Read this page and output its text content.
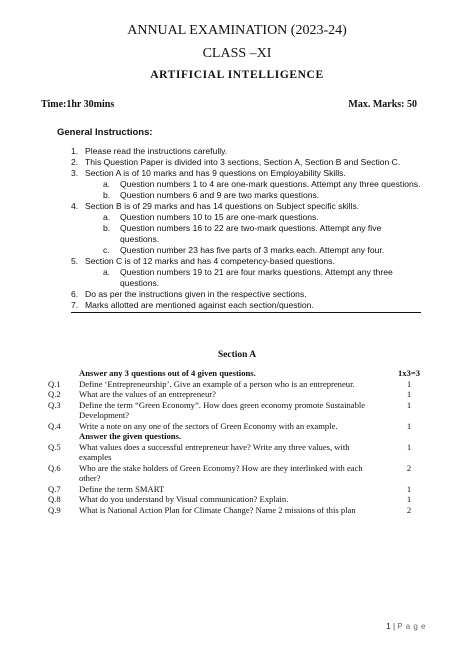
ANNUAL EXAMINATION (2023-24)
CLASS –XI
ARTIFICIAL INTELLIGENCE
Time:1hr 30mins	Max. Marks: 50
General Instructions:
1. Please read the instructions carefully.
2. This Question Paper is divided into 3 sections, Section A, Section B and Section C.
3. Section A is of 10 marks and has 9 questions on Employability Skills.
a.	Question numbers 1 to 4 are one-mark questions. Attempt any three questions.
b.	Question numbers 6 and 9 are two marks questions.
4. Section B is of 29 marks and has 14 questions on Subject specific skills.
a.	Question numbers 10 to 15 are one-mark questions.
b.	Question numbers 16 to 22 are two-mark questions. Attempt any five
questions.
c.	Question number 23 has five parts of 3 marks each. Attempt any four.
5. Section C is of 12 marks and has 4 competency-based questions.
a.	Question numbers 19 to 21 are four marks questions. Attempt any three
questions.
6. Do as per the instructions given in the respective sections.
7. Marks allotted are mentioned against each section/question.
Section A
Answer any 3 questions out of 4 given questions.	1x3=3
Q.1	Define ‘Entrepreneurship’. Give an example of a person who is an entrepreneur.	1
Q.2	What are the values of an entrepreneur?	1
Q.3	Define the term “Green Economy”. How does green economy promote Sustainable	1
Development?
Q.4	Write a note on any one of the sectors of Green Economy with an example.	1
Answer the given questions.
Q.5	What values does a successful entrepreneur have? Write any three values, with	1
examples
Q.6	Who are the stake holders of Green Economy? How are they interlinked with each	2
other?
Q.7	Define the term SMART	1
Q.8	What do you understand by Visual communication? Explain.	1
Q.9	What is National Action Plan for Climate Change? Name 2 missions of this plan	2
1 | P a g e
